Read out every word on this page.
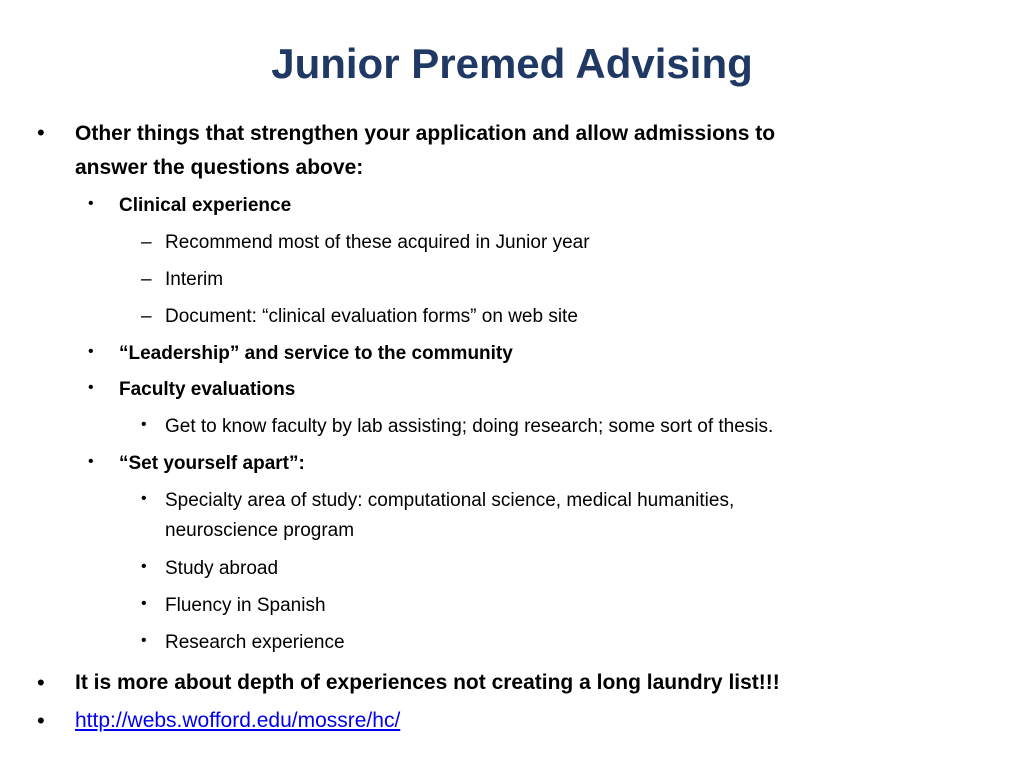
Junior Premed Advising
• Other things that strengthen your application and allow admissions to
answer the questions above:
• Clinical experience
– Recommend most of these acquired in Junior year
– Interim
– Document: “clinical evaluation forms” on web site
• “Leadership” and service to the community
• Faculty evaluations
• Get to know faculty by lab assisting; doing research; some sort of thesis.
• “Set yourself apart”:
• Specialty area of study: computational science, medical humanities,
neuroscience program
• Study abroad
• Fluency in Spanish
• Research experience
• It is more about depth of experiences not creating a long laundry list!!!
• http://webs.wofford.edu/mossre/hc/
